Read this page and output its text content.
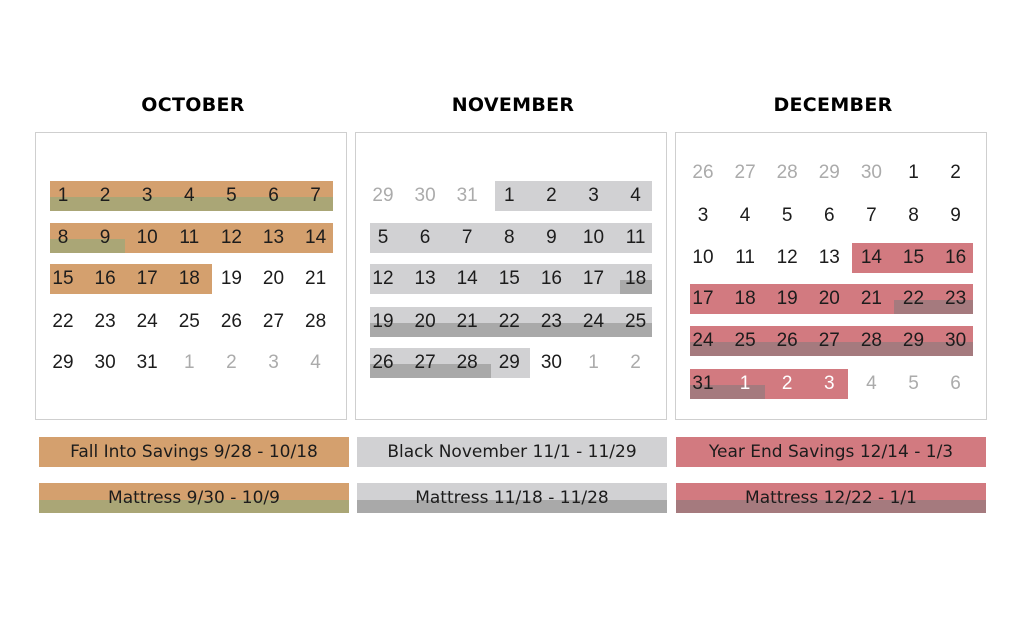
OCTOBER	NOVEMBER	DECEMBER
1	2	3	4	5	6	7
8	9	10	11	12	13	14
15	16	17	18	19	20	21
22	23	24	25	26	27	28
29	30	31	1	2	3	4
29	30	31	1	2	3	4
5	6	7	8	9	10	11
12	13	14	15	16	17	18
19	20	21	22	23	24	25
26	27	28	29	30	1	2
26	27	28	29	30	1	2
3	4	5	6	7	8	9
10	11	12	13	14	15	16
17	18	19	20	21	22	23
24	25	26	27	28	29	30
31	1	2	3	4	5	6
Fall Into Savings 9/28 - 10/18
Mattress 9/30 - 10/9
Black November 11/1 - 11/29
Mattress 11/18 - 11/28
Year End Savings 12/14 - 1/3
Mattress 12/22 - 1/1
